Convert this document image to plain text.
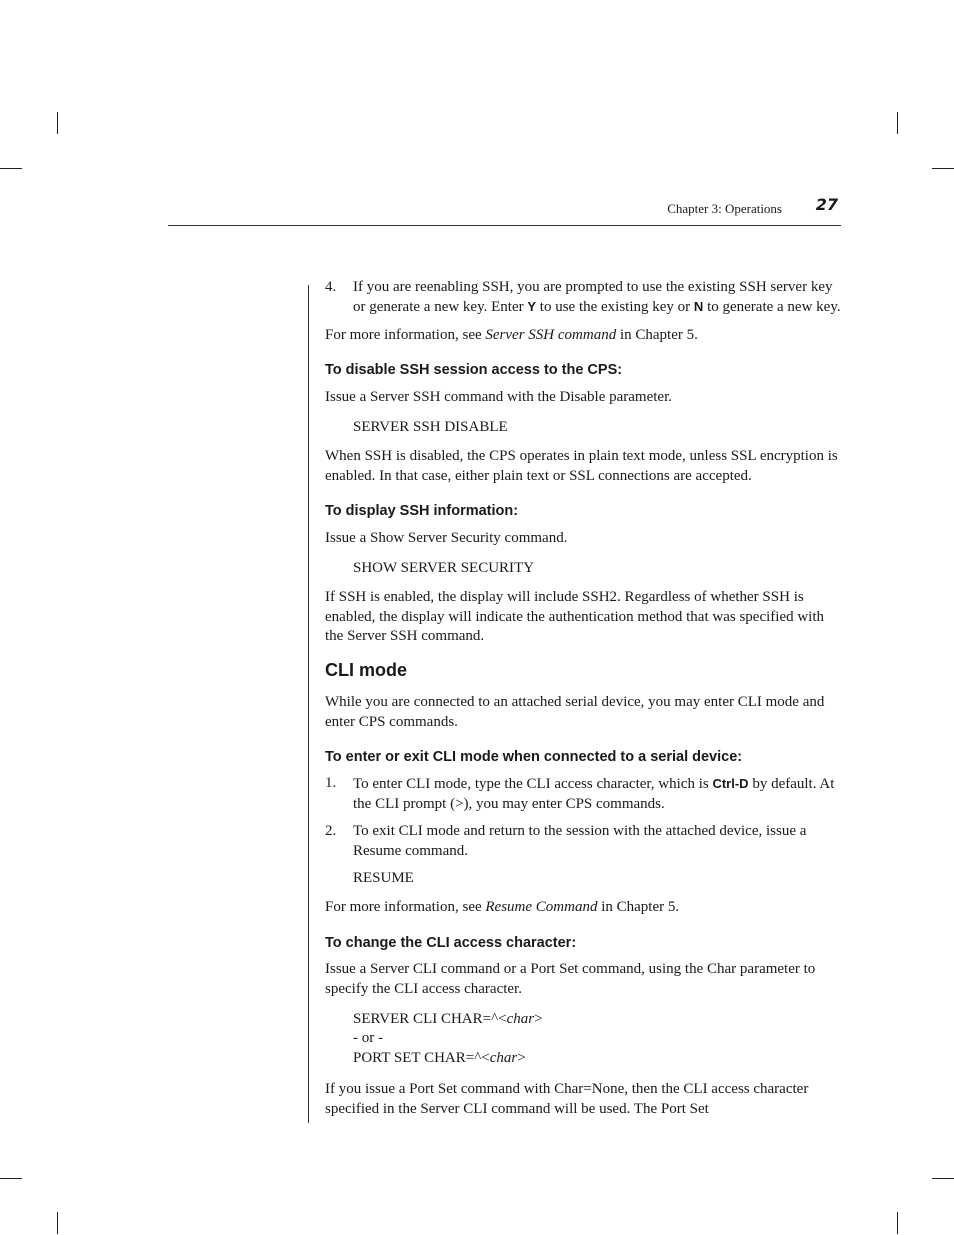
Chapter 3: Operations 27
4.	If you are reenabling SSH, you are prompted to use the existing SSH server key or generate a new key. Enter Y to use the existing key or N to generate a new key.

For more information, see Server SSH command in Chapter 5.

To disable SSH session access to the CPS:

Issue a Server SSH command with the Disable parameter.

SERVER SSH DISABLE

When SSH is disabled, the CPS operates in plain text mode, unless SSL encryption is enabled. In that case, either plain text or SSL connections are accepted.

To display SSH information:

Issue a Show Server Security command.

SHOW SERVER SECURITY

If SSH is enabled, the display will include SSH2. Regardless of whether SSH is enabled, the display will indicate the authentication method that was specified with the Server SSH command.

CLI mode

While you are connected to an attached serial device, you may enter CLI mode and enter CPS commands.

To enter or exit CLI mode when connected to a serial device:
1.	To enter CLI mode, type the CLI access character, which is Ctrl-D by default. At the CLI prompt (>), you may enter CPS commands.
2.	To exit CLI mode and return to the session with the attached device, issue a Resume command.
RESUME

For more information, see Resume Command in Chapter 5.

To change the CLI access character:

Issue a Server CLI command or a Port Set command, using the Char parameter to specify the CLI access character.

SERVER CLI CHAR=^<char>
- or -
PORT SET CHAR=^<char>

If you issue a Port Set command with Char=None, then the CLI access character specified in the Server CLI command will be used. The Port Set
